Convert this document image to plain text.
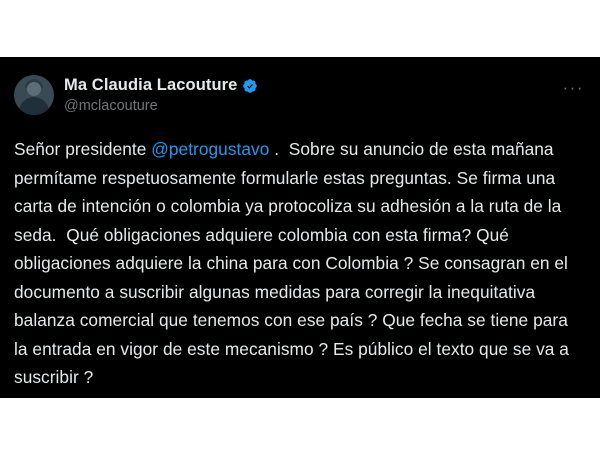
Ma Claudia Lacouture
@mclacouture
···
Señor presidente @petrogustavo .  Sobre su anuncio de esta mañana permítame respetuosamente formularle estas preguntas. Se firma una carta de intención o colombia ya protocoliza su adhesión a la ruta de la seda.  Qué obligaciones adquiere colombia con esta firma? Qué obligaciones adquiere la china para con Colombia ? Se consagran en el documento a suscribir algunas medidas para corregir la inequitativa balanza comercial que tenemos con ese país ? Que fecha se tiene para la entrada en vigor de este mecanismo ? Es público el texto que se va a suscribir ?
